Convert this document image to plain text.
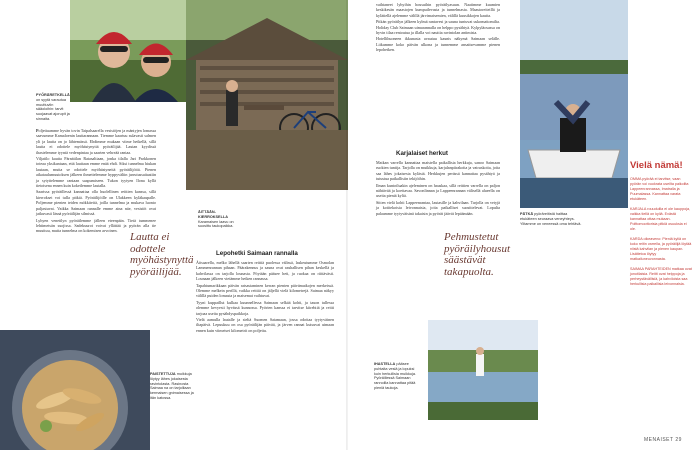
PYÖRÄRETKELLÄ on syytä varautua muuttuviin sääoloihin: tarvit suojaavat ajorupit ja sinnaita.

Poljettuamme hyvän tovin Taipalsaarella vesistöjen ja mäntyjen lomassa saavumme Kamaloenin lauttarannaan. Tiemme kaartuu sulavasti salmen yli ja lautta on jo lähtemässä. Ehdimme mukaan viime hetkellä, sillä lautta ei odottele myöhästynyttä pyöräilijää. Lautan kyydissä ihastelemme tyyntä vedenpintaa ja saarten vehreää rantaa.

Viljatilo kautta Pärnätilan Ratasaltiaan, jonka tilalla Jari Parkkonen toteaa yksikantaan, että lauttaan emme enää ehdi. Siksi tunnelma hiukan lautaan, mutta se odottele myöhästyneitä pyöräilijöitä. Pienen aikataulumuutoksen jälkeen ihmettelemme hyppyväliin jarrutussaitaatiin ja sytyttelemme rantaan saapumiseen. Tukon tyytyen Ilona kyllä tietoisena ennen kuin kokeilemme lautalla.

Saarissa pyöräillessä kannattaa olla huolellinen reittien kanssa, sillä kierrokset voi tulla pitkiä. Pyöräilijöille on Ulakkeen kyläkaupalle. Poljemme pienten teiden mökkiteitä, joilla tunnelma ja mukava luonto paljastuvat. Vaikka Saimaan rannalle emme aina näe, vesistöt ovat jatkuvasti läsnä pyöräilijän silmissä.

Lyhyen venetilyn pyöräilemme jälleen eteenpäin. Tietä tummenee lehtimetsän suojissa. Sadekuurot voivat yllättää ja pyörän alla tie muuttuu, mutta tunnelma on kokemisen arvoinen.

Lautta ei odottele myöhästynyttä pyöräilijää.
ÄITTÄÄN-KIERROKSELLA Karamaisen laavu on suosittu taukopaikka.
Lepohetki Saimaan rannalla

Äitsaarella, melko lähellä saarten reittiä puolessa välissä, laskeutumme Osmolan Lammenrannan pihaan. Päärakennus ja sauna ovat rauhallisen pihan keskellä ja kahvilassa on tarjolla lounasta. Pöytään pääsee heti, ja ruokaa on riittävästi. Lounaan jälkeen vietämme hetken rannassa.

Tapahtumarikkaan päivän ratsastaminen kerran pienten päivämatkojen merkeissä. Olemme melkein perillä, vaikka reittiä on jäljellä vielä kilometrejä. Saimaa näkyy välillä puiden lomasta ja maisemat vaihtuvat.

Tyyni kuppaillut kulkaa kuunnellessa Saimaan selkää kohti, ja tauon tullessa olemme kevyesti hyvässä kunnossa. Pyörien kanssa ei tarvitse kiirehtiä ja reitti tarjoaa useita pysähdyspaikkoja.

Vielä aamulla lautalle ja sieltä Suomen Satamaan, jossa odottaa tyytyväinen iltapäivä. Lepuukuu on osa pyöräilijän päivää, ja järven rannat kutsuvat uimaan ennen kuin viimeiset kilometrit on poljettu.

PAISTETTUJA muikkuja löytyy lähes jokaisesta ravintolasta. Rasinosta Saimaa na on tarjolilaan kermaisen gnimaisessa ja itän katossa.

vaihtaneet lyhyihin housuihin pyöräilyasuun. Naatimme kuumien keskikesän maastojen kumpuilevasta ja tunnelmasta. Maastoreiteillä ja kylätiellä ajelemme välillä järvimaisemien, välillä kuusikkojen kautta.

Pitkän pyöräilyn jälkeen kylmä rantavesi ja sauna tuntuvat uskomattomilta. Holiday Club Saimaan uimarannalla on helppo pysähtyä. Kylpyläosassa on hyvin tilaa rentoutua ja illalla voi nauttia ravintolan antimista.

Hotellihuoneen ikkunasta avautuu kaunis näkymä Saimaan selälle. Liikumme koko päivän ulkona ja tunnemme ansaitsevamme pienen lepohetken.

Karjalaiset herkut

Matkan varrella kannattaa maistella paikallisia herkkuja, sanoo Saimaan ruokien tuntija. Tarjolla on muikkuja, karjalanpiirakoita ja vatruskoita, joita saa lähes jokaisesta kylästä. Herkkujen perässä kannattaa pysähtyä ja tutustua paikallisiin tekijöihin.

Ilman kuntoiluakin ajeleminen on hauskaa, sillä reittien varrella on paljon nähtävää ja koettavaa. Savonlinnan ja Lappeenrannan välisellä alueella on useita pieniä kyliä.

Sitten vielä kohti Lappeenrantaa, lautasille ja kahvilaan. Tarjolla on vetyjä ja kotitekoisia leivonnaisia, joita paikalliset suosittelevat. Lopulta palaamme tyytyväisinä takaisin ja pyörät jäävät lepäämään.

Pehmustetut pyöräilyhousut säästävät takapuolta.
PÄTKÄ pyöräreitistä haittaa etukäteen seuraava veneyhteys. Ylitamme on veneessä oma tehtävä.
IHASTELLA pääsee puhtaita vesiä ja lopuksi kuin herkullisia muikkuja. Pyöräillessä Saimaan rannoilla kannattaa pitää pieniä taukoja.
Vielä nämä!

OMMA pyörää ei tarvitse, vaan pyörän voi vuokrata useilta paikoilta Lappeenrannassa, Imatralla ja Puumalassa. Kannattaa varata etukäteen.

KARJALA rouuduilla ei ole kauppoja, vaikka tiellä on kyliä. Evästä kannattaa ottaa mukaan. Polttomoottorisia pitkiä osuuksia ei ole.

KARDA oikeaveno: Pieniä kyliä on koko reitin varrella, ja pyöräilijä löytää niistä kahvilan ja pienen kaupan. Lisätietoa löytyy matkailuneuvonnasta.

SAIMAA PARAHTEIDEN matkaa ovat jonotilaisia. Reitit ovat helppoja ja perheystävällisiä, ja kahviloista saa herkullisia paikallisia leivonnaisia.

MENAISET 29
